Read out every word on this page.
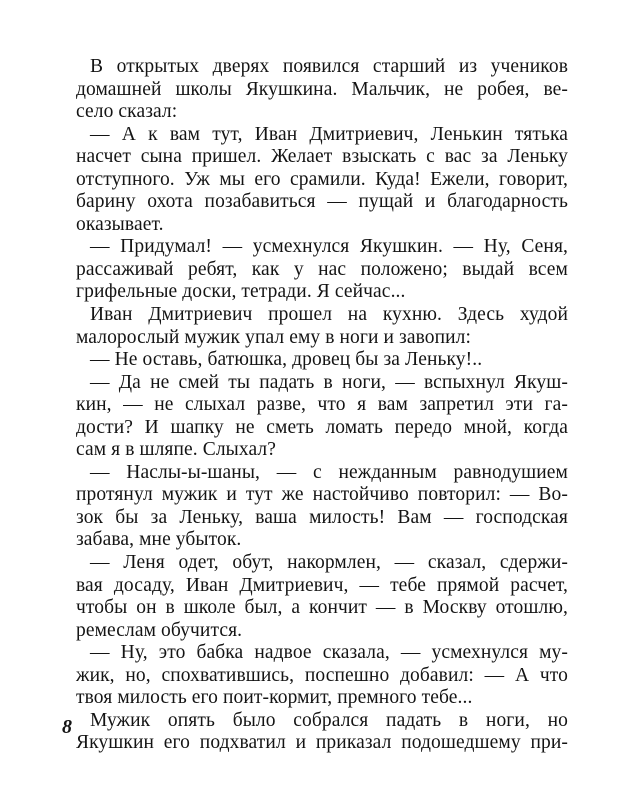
В открытых дверях появился старший из учеников
домашней школы Якушкина. Мальчик, не робея, ве-
село сказал:
— А к вам тут, Иван Дмитриевич, Ленькин тятька
насчет сына пришел. Желает взыскать с вас за Леньку
отступного. Уж мы его срамили. Куда! Ежели, говорит,
барину охота позабавиться — пущай и благодарность
оказывает.
— Придумал! — усмехнулся Якушкин. — Ну, Сеня,
рассаживай ребят, как у нас положено; выдай всем
грифельные доски, тетради. Я сейчас...
Иван Дмитриевич прошел на кухню. Здесь худой
малорослый мужик упал ему в ноги и завопил:
— Не оставь, батюшка, дровец бы за Леньку!..
— Да не смей ты падать в ноги, — вспыхнул Якуш-
кин, — не слыхал разве, что я вам запретил эти га-
дости? И шапку не сметь ломать передо мной, когда
сам я в шляпе. Слыхал?
— Наслы-ы-шаны, — с нежданным равнодушием
протянул мужик и тут же настойчиво повторил: — Во-
зок бы за Леньку, ваша милость! Вам — господская
забава, мне убыток.
— Леня одет, обут, накормлен, — сказал, сдержи-
вая досаду, Иван Дмитриевич, — тебе прямой расчет,
чтобы он в школе был, а кончит — в Москву отошлю,
ремеслам обучится.
— Ну, это бабка надвое сказала, — усмехнулся му-
жик, но, спохватившись, поспешно добавил: — А что
твоя милость его поит-кормит, премного тебе...
Мужик опять было собрался падать в ноги, но
Якушкин его подхватил и приказал подошедшему при-
8
